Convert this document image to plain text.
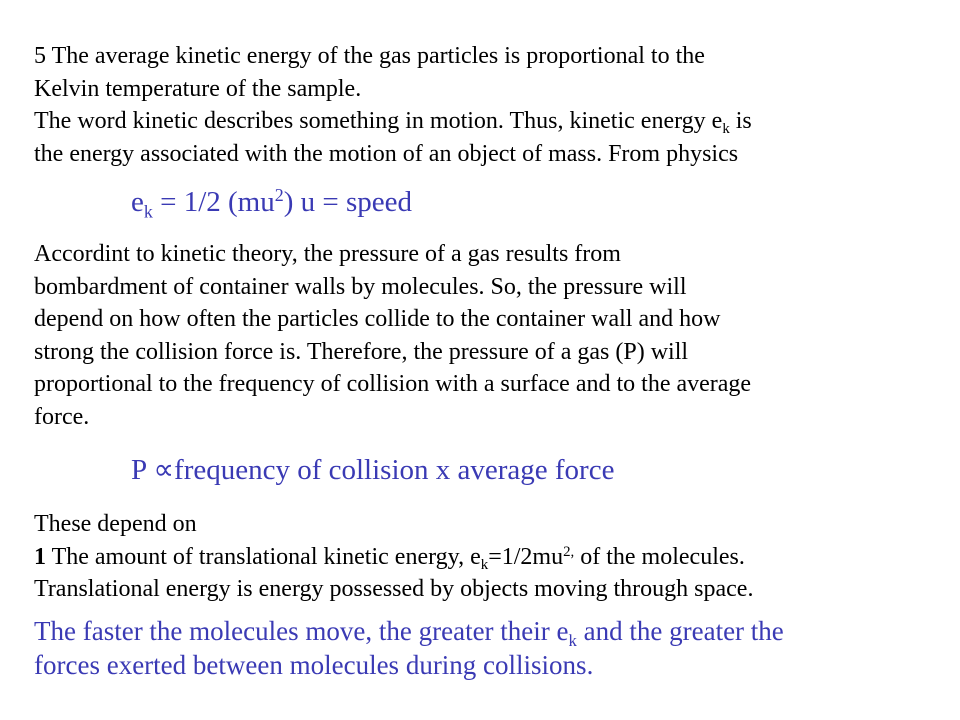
5 The average kinetic energy of the gas particles is proportional to the
Kelvin temperature of the sample.
The word kinetic describes something in motion. Thus, kinetic energy $e_k$ is
the energy associated with the motion of an object of mass. From physics
$e_k = 1/2$ $(mu^2) u$ = speed
Accordint to kinetic theory, the pressure of a gas results from
bombardment of container walls by molecules. So, the pressure will
depend on how often the particles collide to the container wall and how
strong the collision force is. Therefore, the pressure of a gas (P) will
proportional to the frequency of collision with a surface and to the average
force.
P ∝frequency of collision x average force
These depend on
1 The amount of translational kinetic energy, $e_k=1/2mu^{2,}$ of the molecules.
Translational energy is energy possessed by objects moving through space.
The faster the molecules move, the greater their $e_k$ and the greater the
forces exerted between molecules during collisions.
